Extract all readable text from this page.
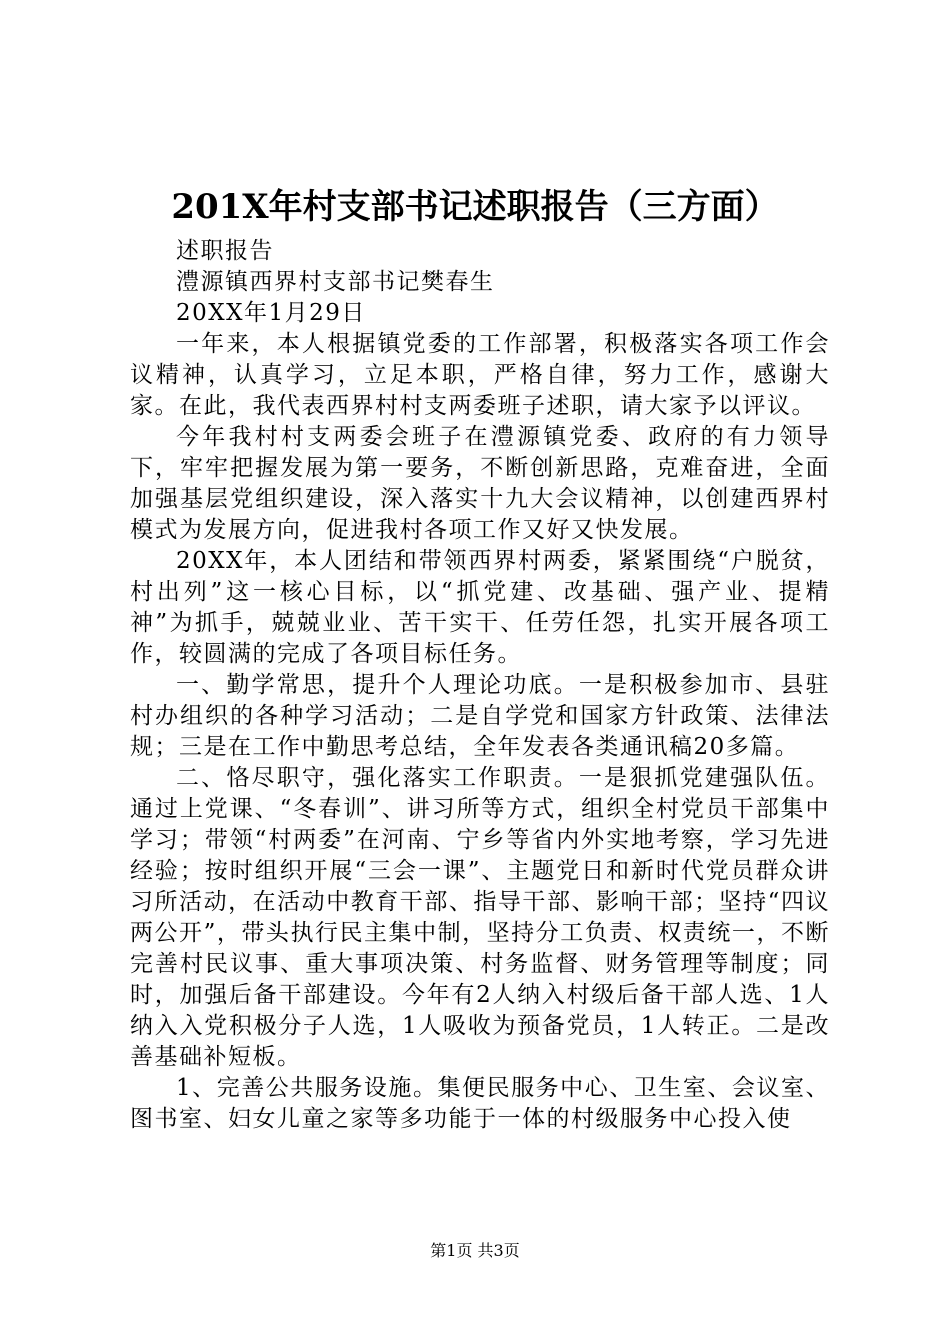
201X年村支部书记述职报告（三方面）

述职报告

澧源镇西界村支部书记樊春生

20XX年1月29日

一年来，本人根据镇党委的工作部署，积极落实各项工作会议精神，认真学习，立足本职，严格自律，努力工作，感谢大家。在此，我代表西界村村支两委班子述职，请大家予以评议。

今年我村村支两委会班子在澧源镇党委、政府的有力领导下，牢牢把握发展为第一要务，不断创新思路，克难奋进，全面加强基层党组织建设，深入落实十九大会议精神，以创建西界村模式为发展方向，促进我村各项工作又好又快发展。

20XX年，本人团结和带领西界村两委，紧紧围绕“户脱贫，村出列”这一核心目标，以“抓党建、改基础、强产业、提精神”为抓手，兢兢业业、苦干实干、任劳任怨，扎实开展各项工作，较圆满的完成了各项目标任务。

一、勤学常思，提升个人理论功底。一是积极参加市、县驻村办组织的各种学习活动；二是自学党和国家方针政策、法律法规；三是在工作中勤思考总结，全年发表各类通讯稿20多篇。

二、恪尽职守，强化落实工作职责。一是狠抓党建强队伍。通过上党课、“冬春训”、讲习所等方式，组织全村党员干部集中学习；带领“村两委”在河南、宁乡等省内外实地考察，学习先进经验；按时组织开展“三会一课”、主题党日和新时代党员群众讲习所活动，在活动中教育干部、指导干部、影响干部；坚持“四议两公开”，带头执行民主集中制，坚持分工负责、权责统一，不断完善村民议事、重大事项决策、村务监督、财务管理等制度；同时，加强后备干部建设。今年有2人纳入村级后备干部人选、1人纳入入党积极分子人选，1人吸收为预备党员，1人转正。二是改善基础补短板。

1、完善公共服务设施。集便民服务中心、卫生室、会议室、图书室、妇女儿童之家等多功能于一体的村级服务中心投入使

第1页 共3页
